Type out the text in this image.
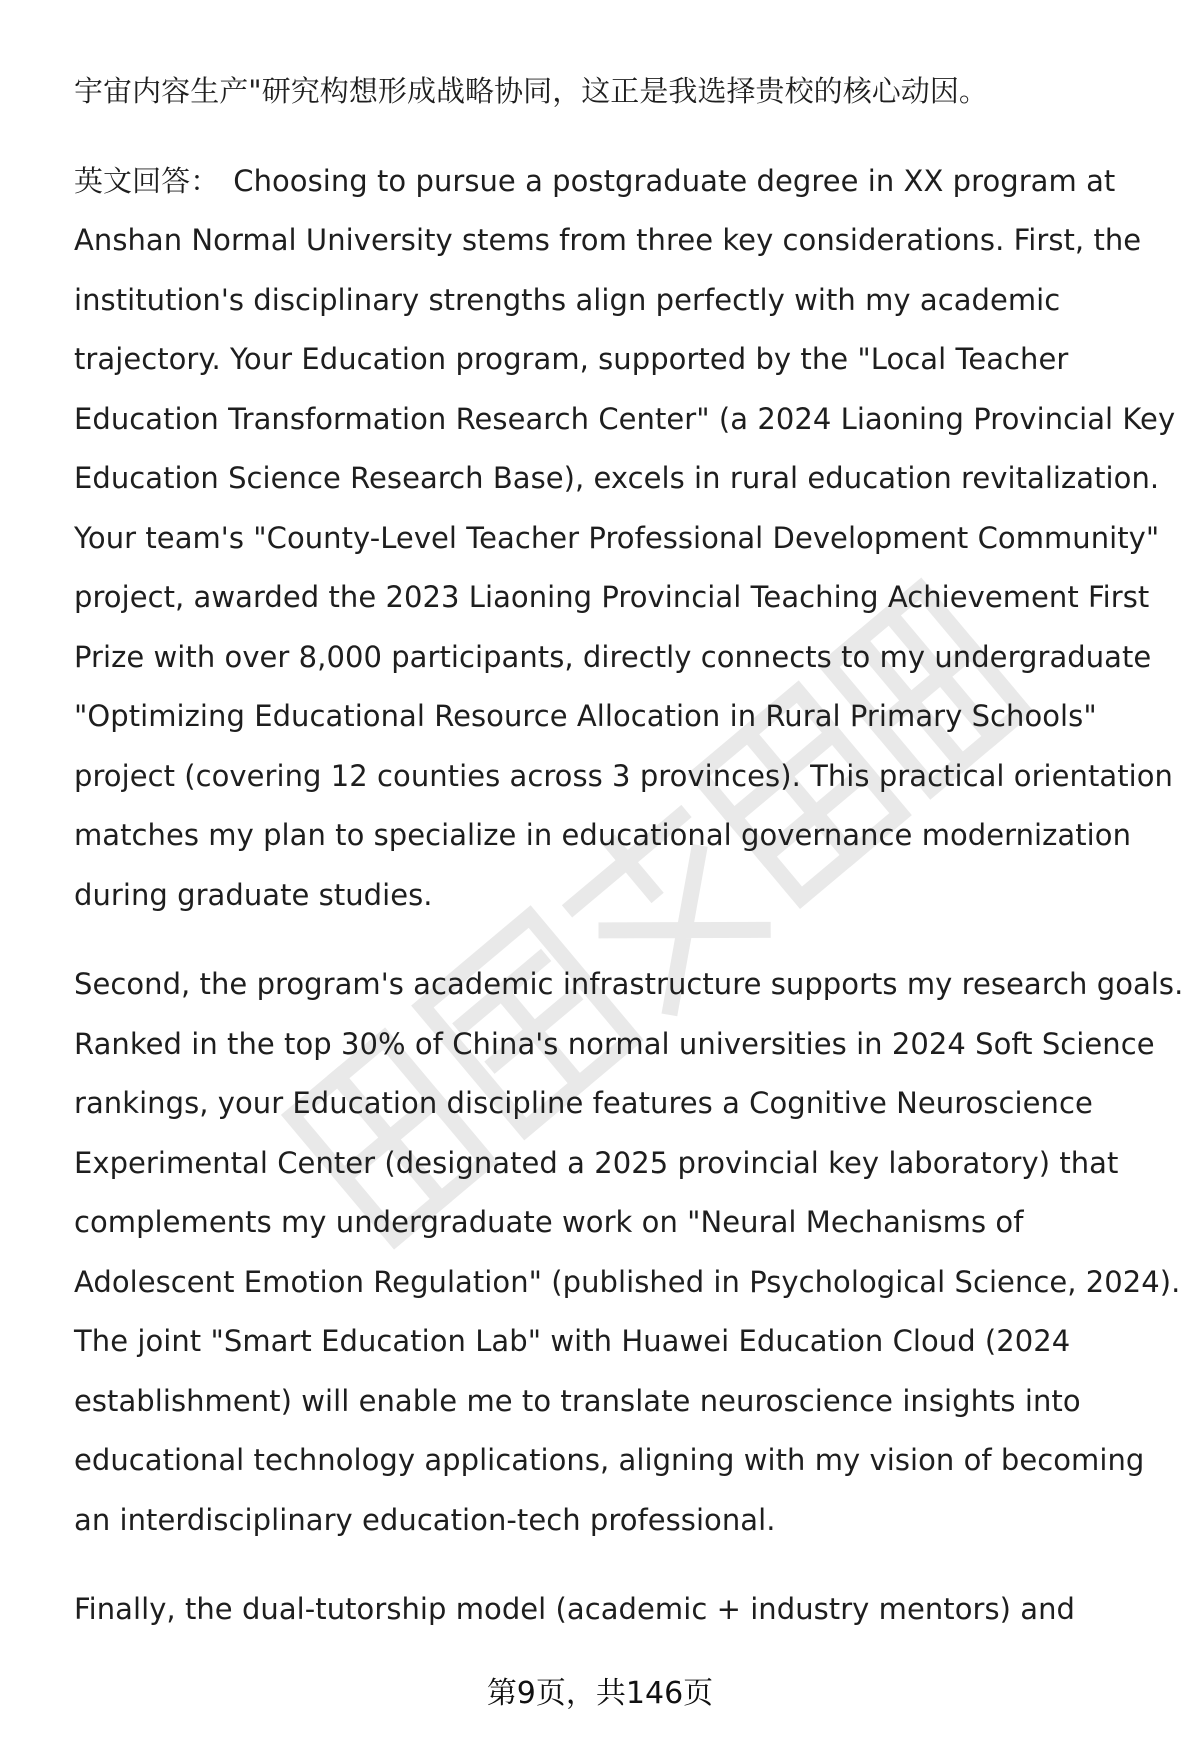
宇宙内容生产"研究构想形成战略协同，这正是我选择贵校的核心动因。

英文回答： Choosing to pursue a postgraduate degree in XX program at
Anshan Normal University stems from three key considerations. First, the
institution's disciplinary strengths align perfectly with my academic
trajectory. Your Education program, supported by the "Local Teacher
Education Transformation Research Center" (a 2024 Liaoning Provincial Key
Education Science Research Base), excels in rural education revitalization.
Your team's "County-Level Teacher Professional Development Community"
project, awarded the 2023 Liaoning Provincial Teaching Achievement First
Prize with over 8,000 participants, directly connects to my undergraduate
"Optimizing Educational Resource Allocation in Rural Primary Schools"
project (covering 12 counties across 3 provinces). This practical orientation
matches my plan to specialize in educational governance modernization
during graduate studies.

Second, the program's academic infrastructure supports my research goals.
Ranked in the top 30% of China's normal universities in 2024 Soft Science
rankings, your Education discipline features a Cognitive Neuroscience
Experimental Center (designated a 2025 provincial key laboratory) that
complements my undergraduate work on "Neural Mechanisms of
Adolescent Emotion Regulation" (published in Psychological Science, 2024).
The joint "Smart Education Lab" with Huawei Education Cloud (2024
establishment) will enable me to translate neuroscience insights into
educational technology applications, aligning with my vision of becoming
an interdisciplinary education-tech professional.

Finally, the dual-tutorship model (academic + industry mentors) and

第9页，共146页
